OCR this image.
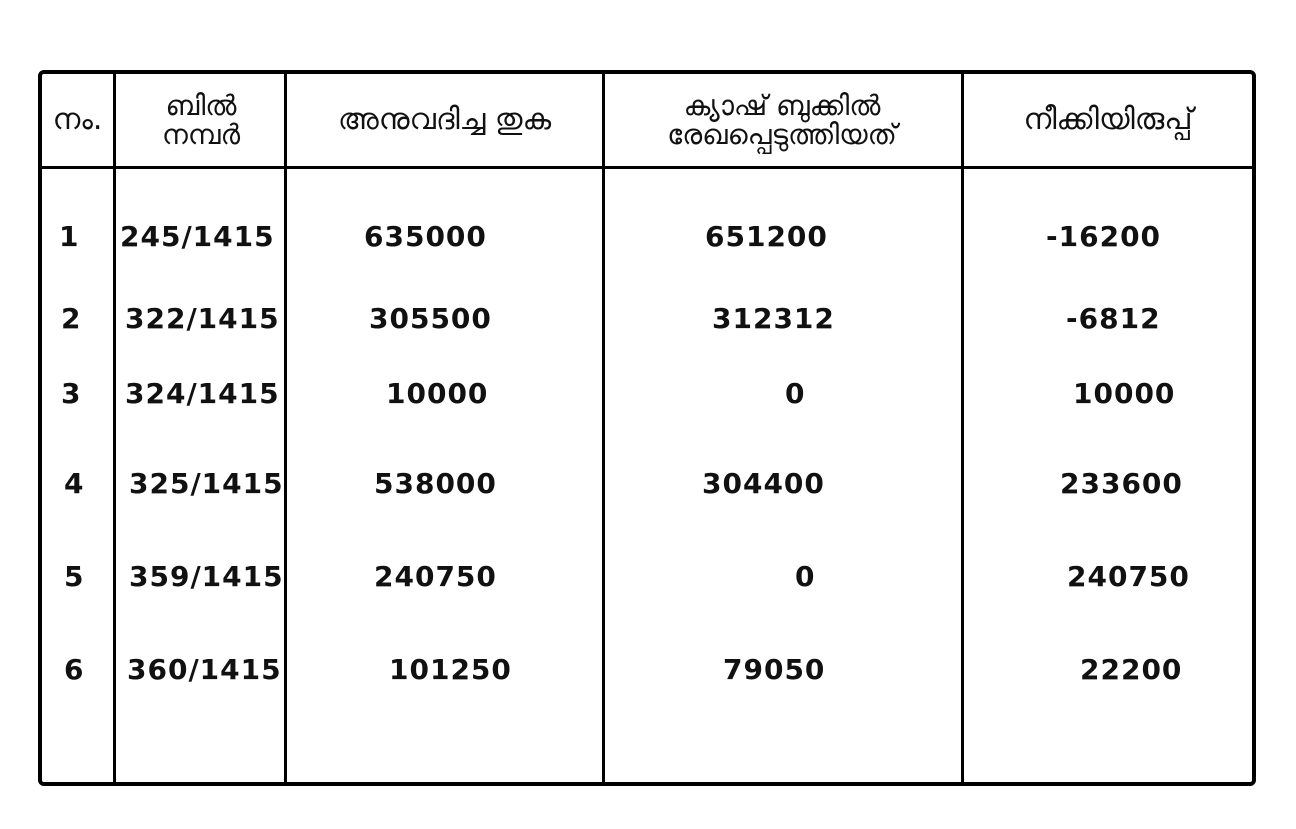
നം.	ബിൽ നമ്പർ	അനുവദിച്ച തുക	ക്യാഷ് ബുക്കിൽ രേഖപ്പെടുത്തിയത്	നീക്കിയിരുപ്പ്
1 245/1415	635000	651200	-16200
2 322/1415	305500	312312	-6812
3 324/1415	10000	0	10000
4 325/1415	538000	304400	233600
5 359/1415	240750	0	240750
6 360/1415	101250	79050	22200
